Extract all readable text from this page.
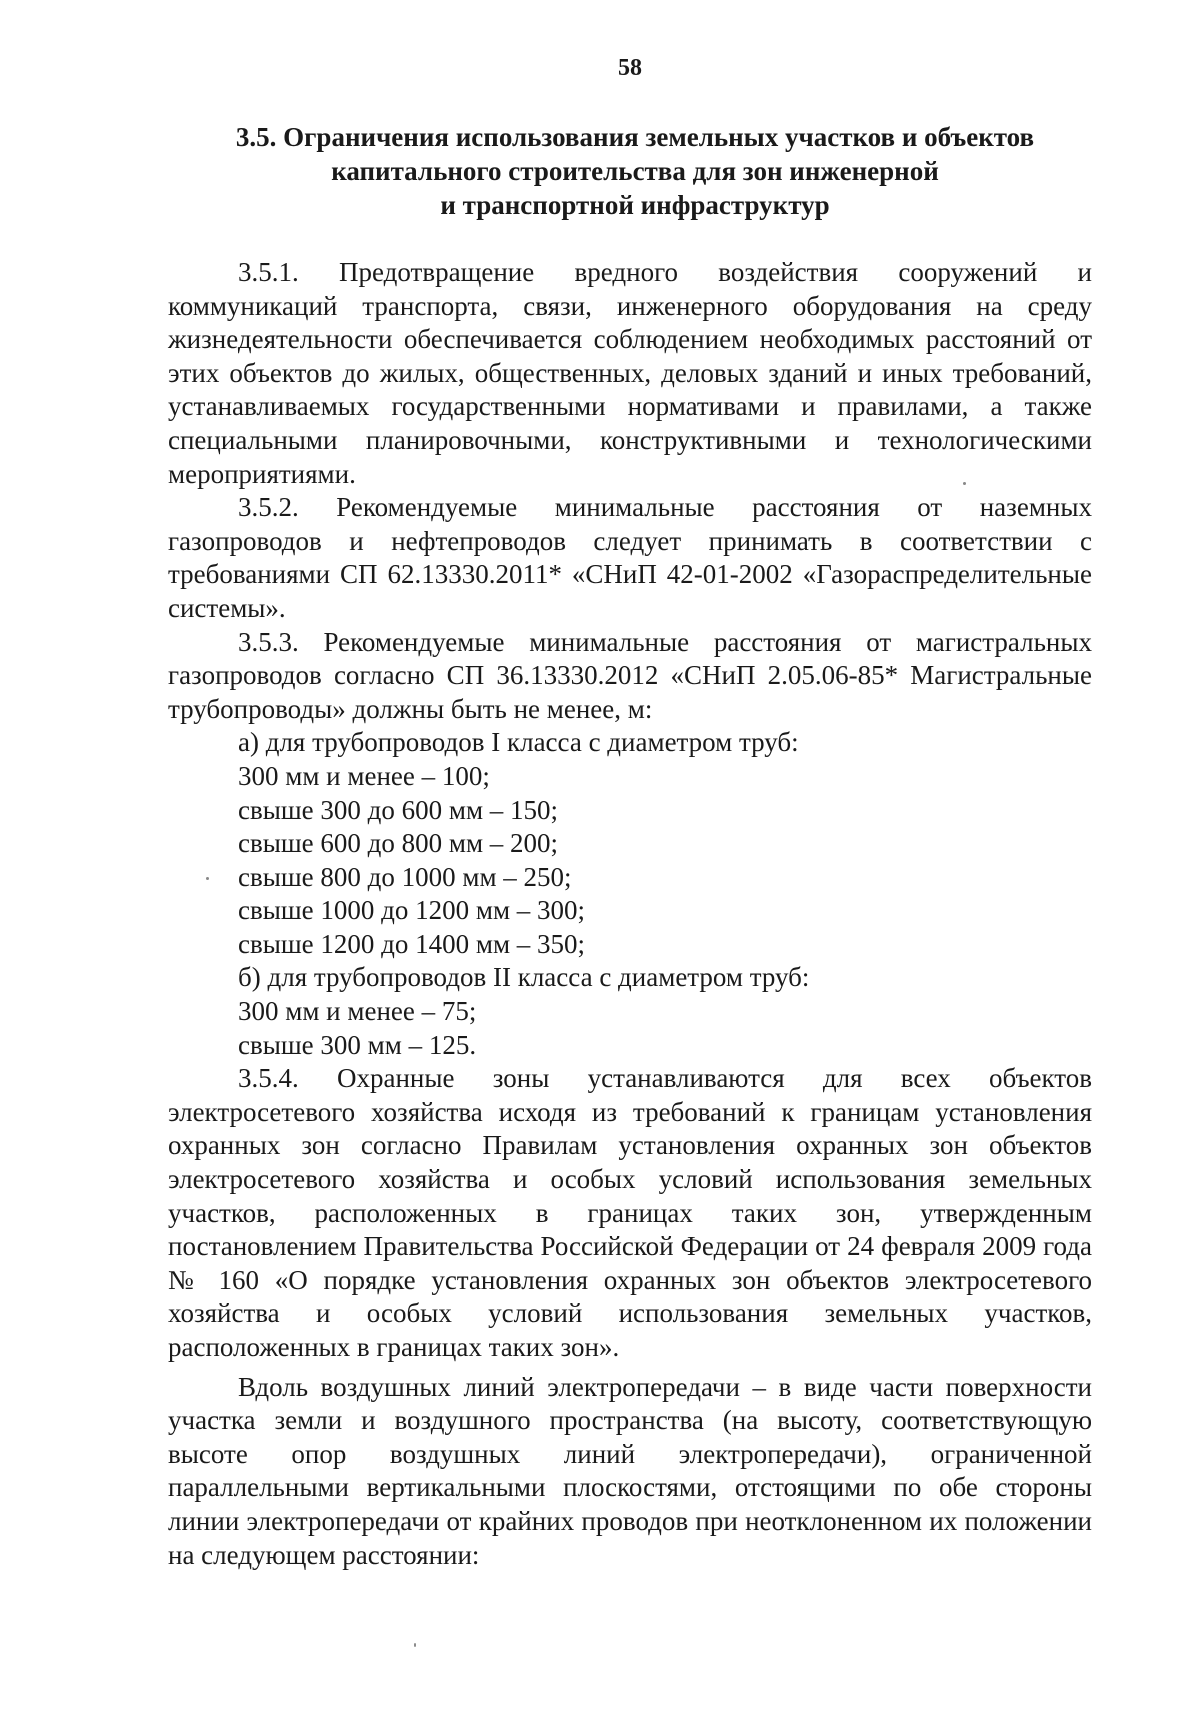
58
3.5. Ограничения использования земельных участков и объектов
капитального строительства для зон инженерной
и транспортной инфраструктур

3.5.1. Предотвращение вредного воздействия сооружений и коммуникаций транспорта, связи, инженерного оборудования на среду жизнедеятельности обеспечивается соблюдением необходимых расстояний от этих объектов до жилых, общественных, деловых зданий и иных требований, устанавливаемых государственными нормативами и правилами, а также специальными планировочными, конструктивными и технологическими мероприятиями.

3.5.2. Рекомендуемые минимальные расстояния от наземных газопроводов и нефтепроводов следует принимать в соответствии с требованиями СП 62.13330.2011* «СНиП 42-01-2002 «Газораспределительные системы».

3.5.3. Рекомендуемые минимальные расстояния от магистральных газопроводов согласно СП 36.13330.2012 «СНиП 2.05.06-85* Магистральные трубопроводы» должны быть не менее, м:

а) для трубопроводов I класса с диаметром труб:

300 мм и менее – 100;

свыше 300 до 600 мм – 150;

свыше 600 до 800 мм – 200;

свыше 800 до 1000 мм – 250;

свыше 1000 до 1200 мм – 300;

свыше 1200 до 1400 мм – 350;

б) для трубопроводов II класса с диаметром труб:

300 мм и менее – 75;

свыше 300 мм – 125.

3.5.4. Охранные зоны устанавливаются для всех объектов электросетевого хозяйства исходя из требований к границам установления охранных зон согласно Правилам установления охранных зон объектов электросетевого хозяйства и особых условий использования земельных участков, расположенных в границах таких зон, утвержденным постановлением Правительства Российской Федерации от 24 февраля 2009 года № 160 «О порядке установления охранных зон объектов электросетевого хозяйства и особых условий использования земельных участков, расположенных в границах таких зон».

Вдоль воздушных линий электропередачи – в виде части поверхности участка земли и воздушного пространства (на высоту, соответствующую высоте опор воздушных линий электропередачи), ограниченной параллельными вертикальными плоскостями, отстоящими по обе стороны линии электропередачи от крайних проводов при неотклоненном их положении на следующем расстоянии:
